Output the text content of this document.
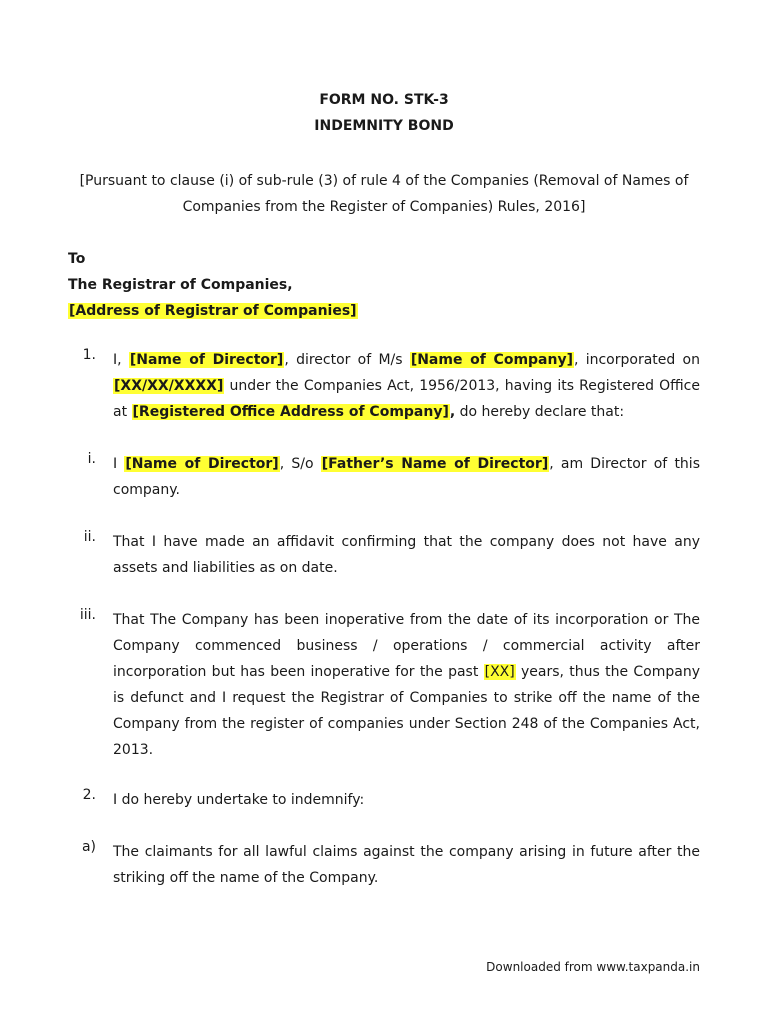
FORM NO. STK-3
INDEMNITY BOND
[Pursuant to clause (i) of sub-rule (3) of rule 4 of the Companies (Removal of Names of
Companies from the Register of Companies) Rules, 2016]
To
The Registrar of Companies,
[Address of Registrar of Companies]
1. I, [Name of Director], director of M/s [Name of Company], incorporated on [XX/XX/XXXX] under the Companies Act, 1956/2013, having its Registered Office at [Registered Office Address of Company], do hereby declare that:
i. I [Name of Director], S/o [Father’s Name of Director], am Director of this company.
ii. That I have made an affidavit confirming that the company does not have any assets and liabilities as on date.
iii. That The Company has been inoperative from the date of its incorporation or The Company commenced business / operations / commercial activity after incorporation but has been inoperative for the past [XX] years, thus the Company is defunct and I request the Registrar of Companies to strike off the name of the Company from the register of companies under Section 248 of the Companies Act, 2013.
2. I do hereby undertake to indemnify:
a) The claimants for all lawful claims against the company arising in future after the striking off the name of the Company.
Downloaded from www.taxpanda.in
